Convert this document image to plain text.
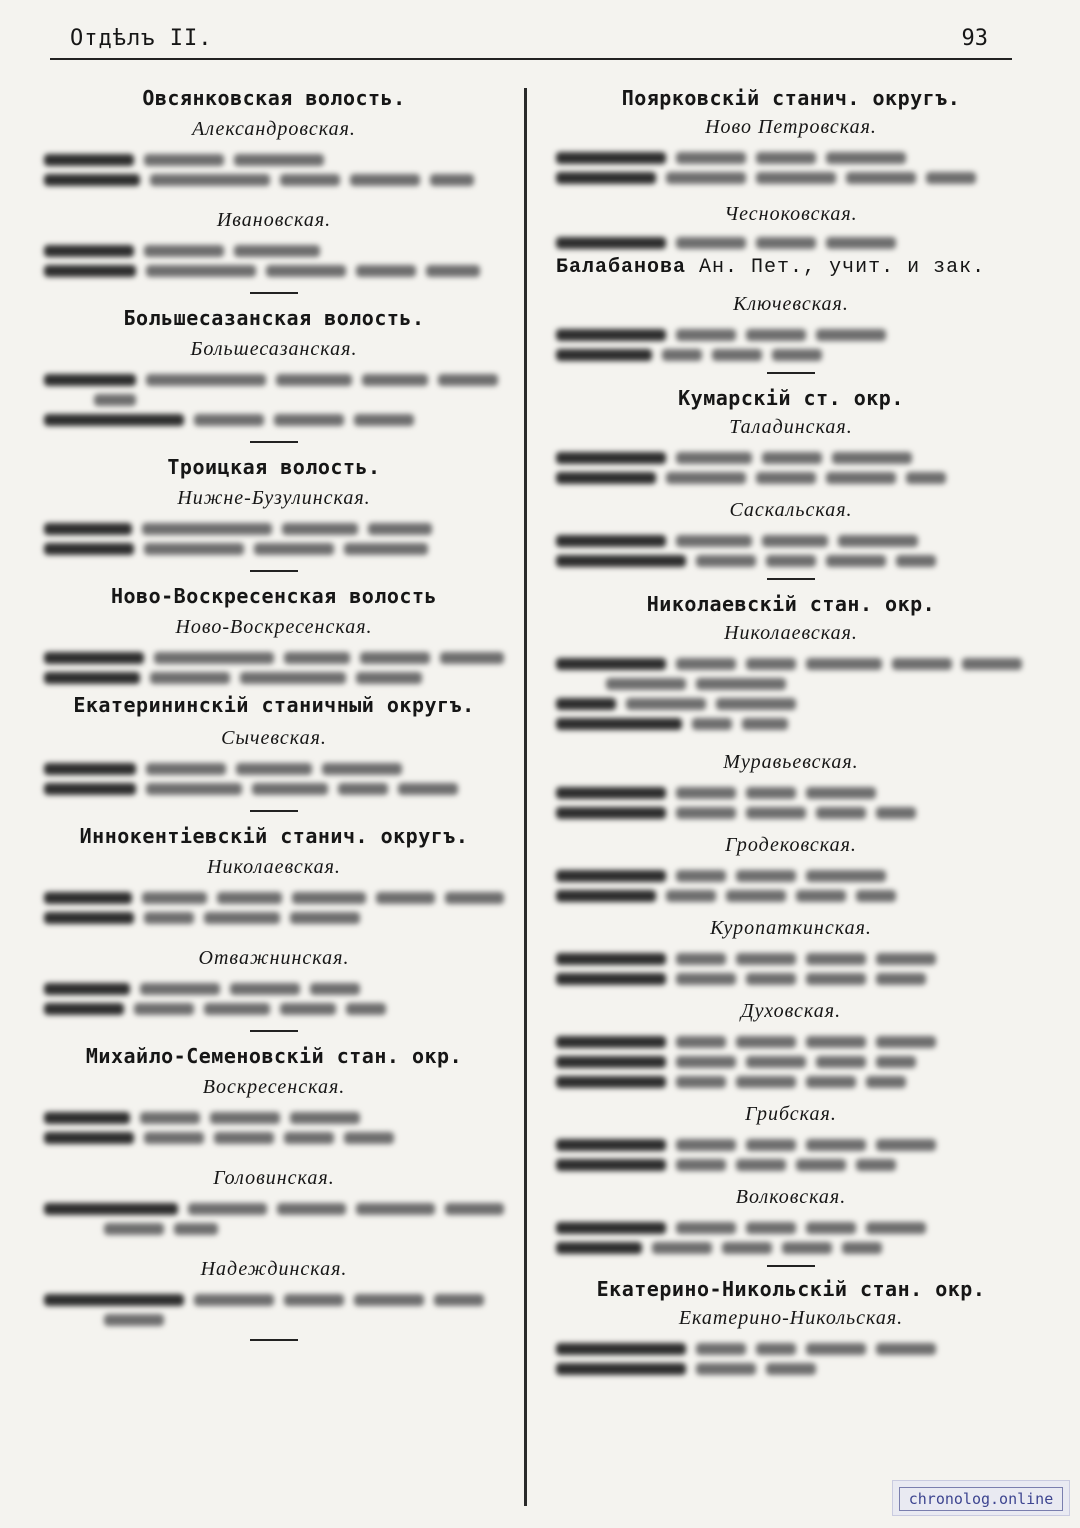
Отдѣлъ II.	93
Овсянковская волость.
Александровская.
Ивановская.
Большесазанская волость.
Большесазанская.
Троицкая волость.
Нижне-Бузулинская.
Ново-Воскресенская волость
Ново-Воскресенская.
Екатерининскій станичный округъ.
Сычевская.
Иннокентіевскій станич. округъ.
Николаевская.
Отважнинская.
Михайло-Семеновскій стан. окр.
Воскресенская.
Головинская.
Надеждинская.
Поярковскій станич. округъ.
Ново Петровская.
Чесноковская.
Балабанова Ан. Пет., учит. и зак.
Ключевская.
Кумарскій ст. окр.
Таладинская.
Саскальская.
Николаевскій стан. окр.
Николаевская.
Муравьевская.
Гродековская.
Куропаткинская.
Духовская.
Грибская.
Волковская.
Екатерино-Никольскій стан. окр.
Екатерино-Никольская.
chronolog.online
